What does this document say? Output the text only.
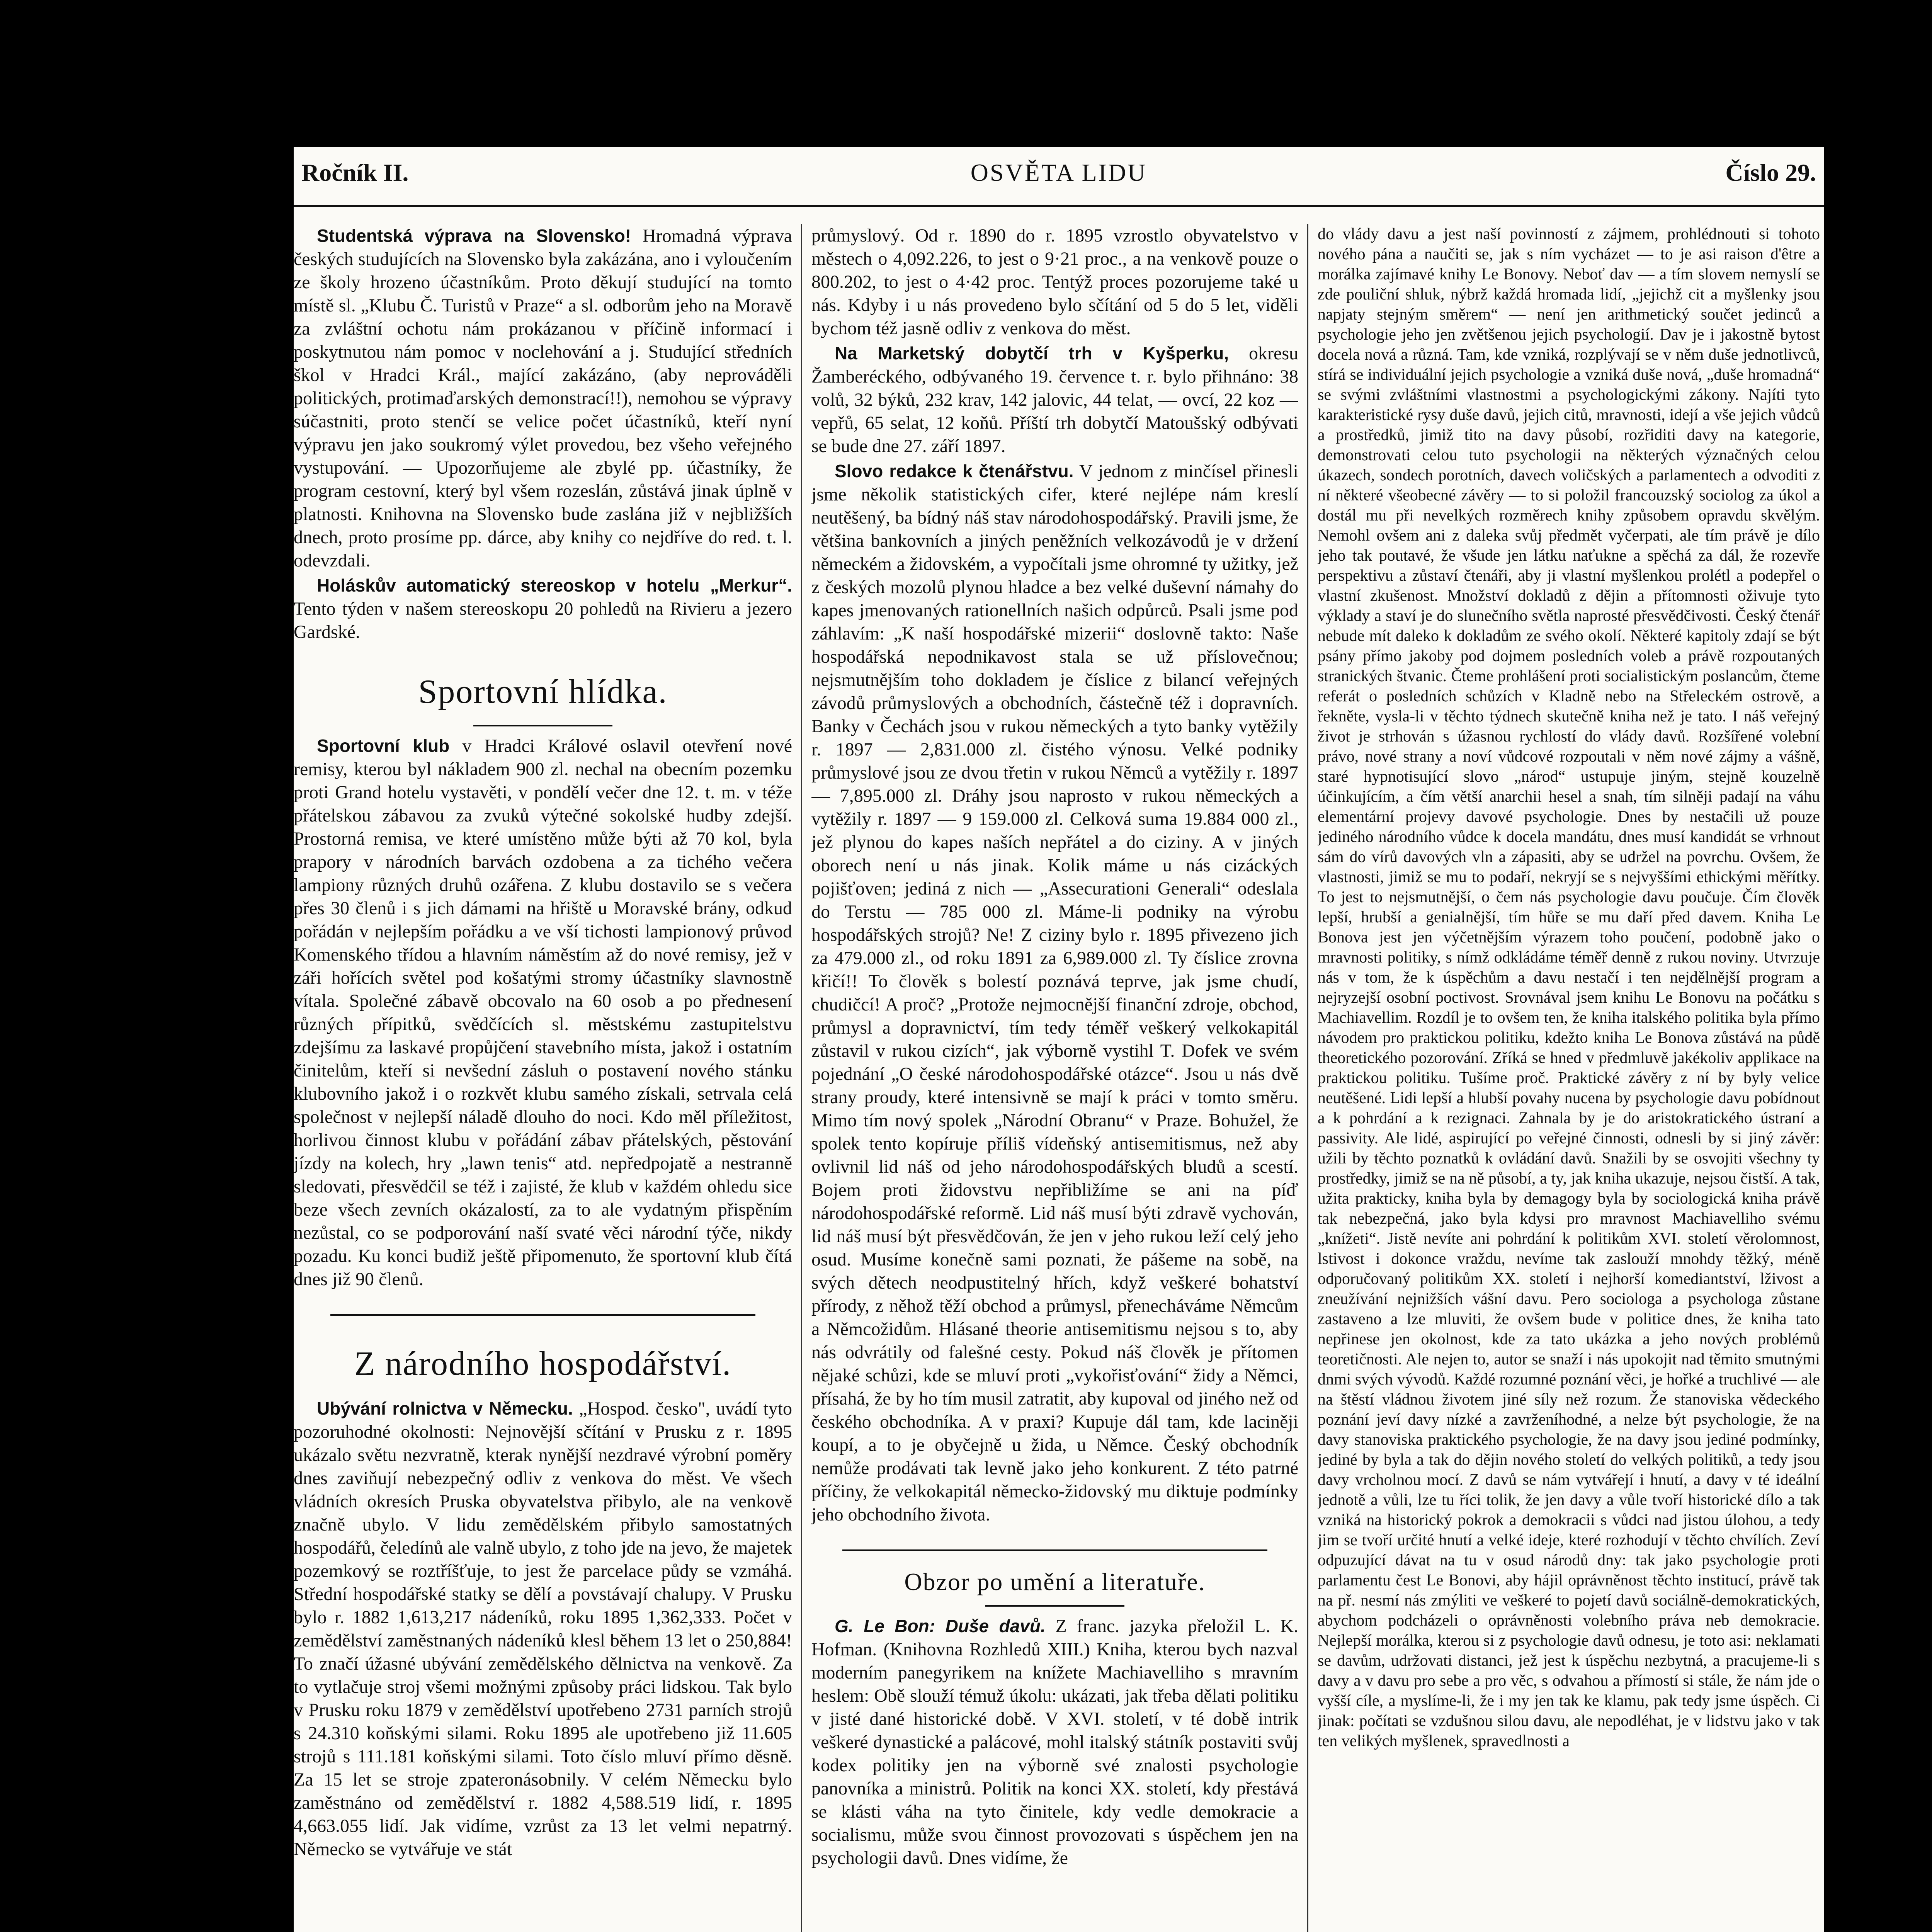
Ročník II.	OSVĚTA LIDU	Číslo 29.

Studentská výprava na Slovensko! Hromadná výprava českých studujících na Slovensko byla zakázána, ano i vyloučením ze školy hrozeno účastníkům. Proto děkují studující na tomto místě sl. „Klubu Č. Turistů v Praze“ a sl. odborům jeho na Moravě za zvláštní ochotu nám prokázanou v příčině informací i poskytnutou nám pomoc v noclehování a j. Studující středních škol v Hradci Král., mající zakázáno, (aby neprováděli politických, protimaďarských demonstrací!!), nemohou se výpravy súčastniti, proto stenčí se velice počet účastníků, kteří nyní výpravu jen jako soukromý výlet provedou, bez všeho veřejného vystupování. — Upozorňujeme ale zbylé pp. účastníky, že program cestovní, který byl všem rozeslán, zůstává jinak úplně v platnosti. Knihovna na Slovensko bude zaslána již v nejbližších dnech, proto prosíme pp. dárce, aby knihy co nejdříve do red. t. l. odevzdali.

Holáskův automatický stereoskop v hotelu „Merkur“. Tento týden v našem stereoskopu 20 pohledů na Rivieru a jezero Gardské.

Sportovní hlídka.

Sportovní klub v Hradci Králové oslavil otevření nové remisy, kterou byl nákladem 900 zl. nechal na obecním pozemku proti Grand hotelu vystavěti, v pondělí večer dne 12. t. m. v téže přátelskou zábavou za zvuků výtečné sokolské hudby zdejší. Prostorná remisa, ve které umístěno může býti až 70 kol, byla prapory v národních barvách ozdobena a za tichého večera lampiony různých druhů ozářena. Z klubu dostavilo se s večera přes 30 členů i s jich dámami na hřiště u Moravské brány, odkud pořádán v nejlepším pořádku a ve vší tichosti lampionový průvod Komenského třídou a hlavním náměstím až do nové remisy, jež v záři hořících světel pod košatými stromy účastníky slavnostně vítala. Společné zábavě obcovalo na 60 osob a po přednesení různých přípitků, svědčících sl. městskému zastupitelstvu zdejšímu za laskavé propůjčení stavebního místa, jakož i ostatním činitelům, kteří si nevšední zásluh o postavení nového stánku klubovního jakož i o rozkvět klubu samého získali, setrvala celá společnost v nejlepší náladě dlouho do noci. Kdo měl příležitost, horlivou činnost klubu v pořádání zábav přátelských, pěstování jízdy na kolech, hry „lawn tenis“ atd. nepředpojatě a nestranně sledovati, přesvědčil se též i zajisté, že klub v každém ohledu sice beze všech zevních okázalostí, za to ale vydatným přispěním nezůstal, co se podporování naší svaté věci národní týče, nikdy pozadu. Ku konci budiž ještě připomenuto, že sportovní klub čítá dnes již 90 členů.

Z národního hospodářství.

Ubývání rolnictva v Německu. „Hospod. česko", uvádí tyto pozoruhodné okolnosti: Nejnovější sčítání v Prusku z r. 1895 ukázalo světu nezvratně, kterak nynější nezdravé výrobní poměry dnes zaviňují nebezpečný odliv z venkova do měst. Ve všech vládních okresích Pruska obyvatelstva přibylo, ale na venkově značně ubylo. V lidu zemědělském přibylo samostatných hospodářů, čeledínů ale valně ubylo, z toho jde na jevo, že majetek pozemkový se roztříšťuje, to jest že parcelace půdy se vzmáhá. Střední hospodářské statky se dělí a povstávají chalupy. V Prusku bylo r. 1882 1,613,217 nádeníků, roku 1895 1,362,333. Počet v zemědělství zaměstnaných nádeníků klesl během 13 let o 250,884! To značí úžasné ubývání zemědělského dělnictva na venkově. Za to vytlačuje stroj všemi možnými způsoby práci lidskou. Tak bylo v Prusku roku 1879 v zemědělství upotřebeno 2731 parních strojů s 24.310 koňskými silami. Roku 1895 ale upotřebeno již 11.605 strojů s 111.181 koňskými silami. Toto číslo mluví přímo děsně. Za 15 let se stroje zpateronásobnily. V celém Německu bylo zaměstnáno od zemědělství r. 1882 4,588.519 lidí, r. 1895 4,663.055 lidí. Jak vidíme, vzrůst za 13 let velmi nepatrný. Německo se vytvářuje ve stát

průmyslový. Od r. 1890 do r. 1895 vzrostlo obyvatelstvo v městech o 4,092.226, to jest o 9·21 proc., a na venkově pouze o 800.202, to jest o 4·42 proc. Tentýž proces pozorujeme také u nás. Kdyby i u nás provedeno bylo sčítání od 5 do 5 let, viděli bychom též jasně odliv z venkova do měst.

Na Marketský dobytčí trh v Kyšperku, okresu Žamberéckého, odbývaného 19. července t. r. bylo přihnáno: 38 volů, 32 býků, 232 krav, 142 jalovic, 44 telat, — ovcí, 22 koz — vepřů, 65 selat, 12 koňů. Příští trh dobytčí Matoušský odbývati se bude dne 27. září 1897.

Slovo redakce k čtenářstvu. V jednom z minčísel přinesli jsme několik statistických cifer, které nejlépe nám kreslí neutěšený, ba bídný náš stav národohospodářský. Pravili jsme, že většina bankovních a jiných peněžních velkozávodů je v držení německém a židovském, a vypočítali jsme ohromné ty užitky, jež z českých mozolů plynou hladce a bez velké duševní námahy do kapes jmenovaných rationellních našich odpůrců. Psali jsme pod záhlavím: „K naší hospodářské mizerii“ doslovně takto: Naše hospodářská nepodnikavost stala se už příslovečnou; nejsmutnějším toho dokladem je číslice z bilancí veřejných závodů průmyslových a obchodních, částečně též i dopravních. Banky v Čechách jsou v rukou německých a tyto banky vytěžily r. 1897 — 2,831.000 zl. čistého výnosu. Velké podniky průmyslové jsou ze dvou třetin v rukou Němců a vytěžily r. 1897 — 7,895.000 zl. Dráhy jsou naprosto v rukou německých a vytěžily r. 1897 — 9 159.000 zl. Celková suma 19.884 000 zl., jež plynou do kapes naších nepřátel a do ciziny. A v jiných oborech není u nás jinak. Kolik máme u nás cizáckých pojišťoven; jediná z nich — „Assecurationi Generali“ odeslala do Terstu — 785 000 zl. Máme-li podniky na výrobu hospodářských strojů? Ne! Z ciziny bylo r. 1895 přivezeno jich za 479.000 zl., od roku 1891 za 6,989.000 zl. Ty číslice zrovna křičí!! To člověk s bolestí poznává teprve, jak jsme chudí, chudičcí! A proč? „Protože nejmocnější finanční zdroje, obchod, průmysl a dopravnictví, tím tedy téměř veškerý velkokapitál zůstavil v rukou cizích“, jak výborně vystihl T. Dofek ve svém pojednání „O české národohospodářské otázce“. Jsou u nás dvě strany proudy, které intensivně se mají k práci v tomto směru. Mimo tím nový spolek „Národní Obranu“ v Praze. Bohužel, že spolek tento kopíruje příliš vídeňský antisemitismus, než aby ovlivnil lid náš od jeho národohospodářských bludů a scestí. Bojem proti židovstvu nepřibližíme se ani na píď národohospodářské reformě. Lid náš musí býti zdravě vychován, lid náš musí být přesvědčován, že jen v jeho rukou leží celý jeho osud. Musíme konečně sami poznati, že pášeme na sobě, na svých dětech neodpustitelný hřích, když veškeré bohatství přírody, z něhož těží obchod a průmysl, přenecháváme Němcům a Němcožidům. Hlásané theorie antisemitismu nejsou s to, aby nás odvrátily od falešné cesty. Pokud náš člověk je přítomen nějaké schůzi, kde se mluví proti „vykořisťování“ židy a Němci, přísahá, že by ho tím musil zatratit, aby kupoval od jiného než od českého obchodníka. A v praxi? Kupuje dál tam, kde laciněji koupí, a to je obyčejně u žida, u Němce. Český obchodník nemůže prodávati tak levně jako jeho konkurent. Z této patrné příčiny, že velkokapitál německo-židovský mu diktuje podmínky jeho obchodního života.

Obzor po umění a literatuře.

G. Le Bon: Duše davů. Z franc. jazyka přeložil L. K. Hofman. (Knihovna Rozhledů XIII.) Kniha, kterou bych nazval moderním panegyrikem na knížete Machiavelliho s mravním heslem: Obě slouží témuž úkolu: ukázati, jak třeba dělati politiku v jisté dané historické době. V XVI. století, v té době intrik veškeré dynastické a palácové, mohl italský státník postaviti svůj kodex politiky jen na výborně své znalosti psychologie panovníka a ministrů. Politik na konci XX. století, kdy přestává se klásti váha na tyto činitele, kdy vedle demokracie a socialismu, může svou činnost provozovati s úspěchem jen na psychologii davů. Dnes vidíme, že

do vlády davu a jest naší povinností z zájmem, prohlédnouti si tohoto nového pána a naučiti se, jak s ním vycházet — to je asi raison d'être a morálka zajímavé knihy Le Bonovy. Neboť dav — a tím slovem nemyslí se zde pouliční shluk, nýbrž každá hromada lidí, „jejichž cit a myšlenky jsou napjaty stejným směrem“ — není jen arithmetický součet jedinců a psychologie jeho jen zvětšenou jejich psychologií. Dav je i jakostně bytost docela nová a různá. Tam, kde vzniká, rozplývají se v něm duše jednotlivců, stírá se individuální jejich psychologie a vzniká duše nová, „duše hromadná“ se svými zvláštními vlastnostmi a psychologickými zákony. Najíti tyto karakteristické rysy duše davů, jejich citů, mravnosti, idejí a vše jejich vůdců a prostředků, jimiž tito na davy působí, rozřiditi davy na kategorie, demonstrovati celou tuto psychologii na některých význačných celou úkazech, sondech porotních, davech voličských a parlamentech a odvoditi z ní některé všeobecné závěry — to si položil francouzský sociolog za úkol a dostál mu při nevelkých rozměrech knihy způsobem opravdu skvělým. Nemohl ovšem ani z daleka svůj předmět vyčerpati, ale tím právě je dílo jeho tak poutavé, že všude jen látku naťukne a spěchá za dál, že rozevře perspektivu a zůstaví čtenáři, aby ji vlastní myšlenkou prolétl a podepřel o vlastní zkušenost. Množství dokladů z dějin a přítomnosti oživuje tyto výklady a staví je do slunečního světla naprosté přesvědčivosti. Český čtenář nebude mít daleko k dokladům ze svého okolí. Některé kapitoly zdají se být psány přímo jakoby pod dojmem posledních voleb a právě rozpoutaných stranických štvanic. Čteme prohlášení proti socialistickým poslancům, čteme referát o posledních schůzích v Kladně nebo na Střeleckém ostrově, a řekněte, vysla-li v těchto týdnech skutečně kniha než je tato. I náš veřejný život je strhován s úžasnou rychlostí do vlády davů. Rozšířené volební právo, nové strany a noví vůdcové rozpoutali v něm nové zájmy a vášně, staré hypnotisující slovo „národ“ ustupuje jiným, stejně kouzelně účinkujícím, a čím větší anarchii hesel a snah, tím silněji padají na váhu elementární projevy davové psychologie. Dnes by nestačili už pouze jediného národního vůdce k docela mandátu, dnes musí kandidát se vrhnout sám do vírů davových vln a zápasiti, aby se udržel na povrchu. Ovšem, že vlastnosti, jimiž se mu to podaří, nekryjí se s nejvyššími ethickými měřítky. To jest to nejsmutnější, o čem nás psychologie davu poučuje. Čím člověk lepší, hrubší a genialnější, tím hůře se mu daří před davem. Kniha Le Bonova jest jen výčetnějším výrazem toho poučení, podobně jako o mravnosti politiky, s nímž odkládáme téměř denně z rukou noviny. Utvrzuje nás v tom, že k úspěchům a davu nestačí i ten nejdělnější program a nejryzejší osobní poctivost. Srovnával jsem knihu Le Bonovu na počátku s Machiavellim. Rozdíl je to ovšem ten, že kniha italského politika byla přímo návodem pro praktickou politiku, kdežto kniha Le Bonova zůstává na půdě theoretického pozorování. Zříká se hned v předmluvě jakékoliv applikace na praktickou politiku. Tušíme proč. Praktické závěry z ní by byly velice neutěšené. Lidi lepší a hlubší povahy nucena by psychologie davu pobídnout a k pohrdání a k rezignaci. Zahnala by je do aristokratického ústraní a passivity. Ale lidé, aspirující po veřejné činnosti, odnesli by si jiný závěr: užili by těchto poznatků k ovládání davů. Snažili by se osvojiti všechny ty prostředky, jimiž se na ně působí, a ty, jak kniha ukazuje, nejsou čistší. A tak, užita prakticky, kniha byla by demagogy byla by sociologická kniha právě tak nebezpečná, jako byla kdysi pro mravnost Machiavelliho svému „knížeti“. Jistě nevíte ani pohrdání k politikům XVI. století věrolomnost, lstivost i dokonce vraždu, nevíme tak zaslouží mnohdy těžký, méně odporučovaný politikům XX. století i nejhorší komediantství, lživost a zneužívání nejnižších vášní davu. Pero sociologa a psychologa zůstane zastaveno a lze mluviti, že ovšem bude v politice dnes, že kniha tato nepřinese jen okolnost, kde za tato ukázka a jeho nových problémů teoretičnosti. Ale nejen to, autor se snaží i nás upokojit nad těmito smutnými dnmi svých vývodů. Každé rozumné poznání věci, je hořké a truchlivé — ale na štěstí vládnou životem jiné síly než rozum. Že stanoviska vědeckého poznání jeví davy nízké a zavrženíhodné, a nelze být psychologie, že na davy stanoviska praktického psychologie, že na davy jsou jediné podmínky, jediné by byla a tak do dějin nového století do velkých politiků, a tedy jsou davy vrcholnou mocí. Z davů se nám vytvářejí i hnutí, a davy v té ideální jednotě a vůli, lze tu říci tolik, že jen davy a vůle tvoří historické dílo a tak vzniká na historický pokrok a demokracii s vůdci nad jistou úlohou, a tedy jim se tvoří určité hnutí a velké ideje, které rozhodují v těchto chvílích. Zeví odpuzující dávat na tu v osud národů dny: tak jako psychologie proti parlamentu čest Le Bonovi, aby hájil oprávněnost těchto institucí, právě tak na př. nesmí nás zmýliti ve veškeré to pojetí davů sociálně-demokratických, abychom podcházeli o oprávněnosti volebního práva neb demokracie. Nejlepší morálka, kterou si z psychologie davů odnesu, je toto asi: neklamati se davům, udržovati distanci, jež jest k úspěchu nezbytná, a pracujeme-li s davy a v davu pro sebe a pro věc, s odvahou a přímostí si stále, že nám jde o vyšší cíle, a myslíme-li, že i my jen tak ke klamu, pak tedy jsme úspěch. Ci jinak: počítati se vzdušnou silou davu, ale nepodléhat, je v lidstvu jako v tak ten velikých myšlenek, spravedlnosti a
